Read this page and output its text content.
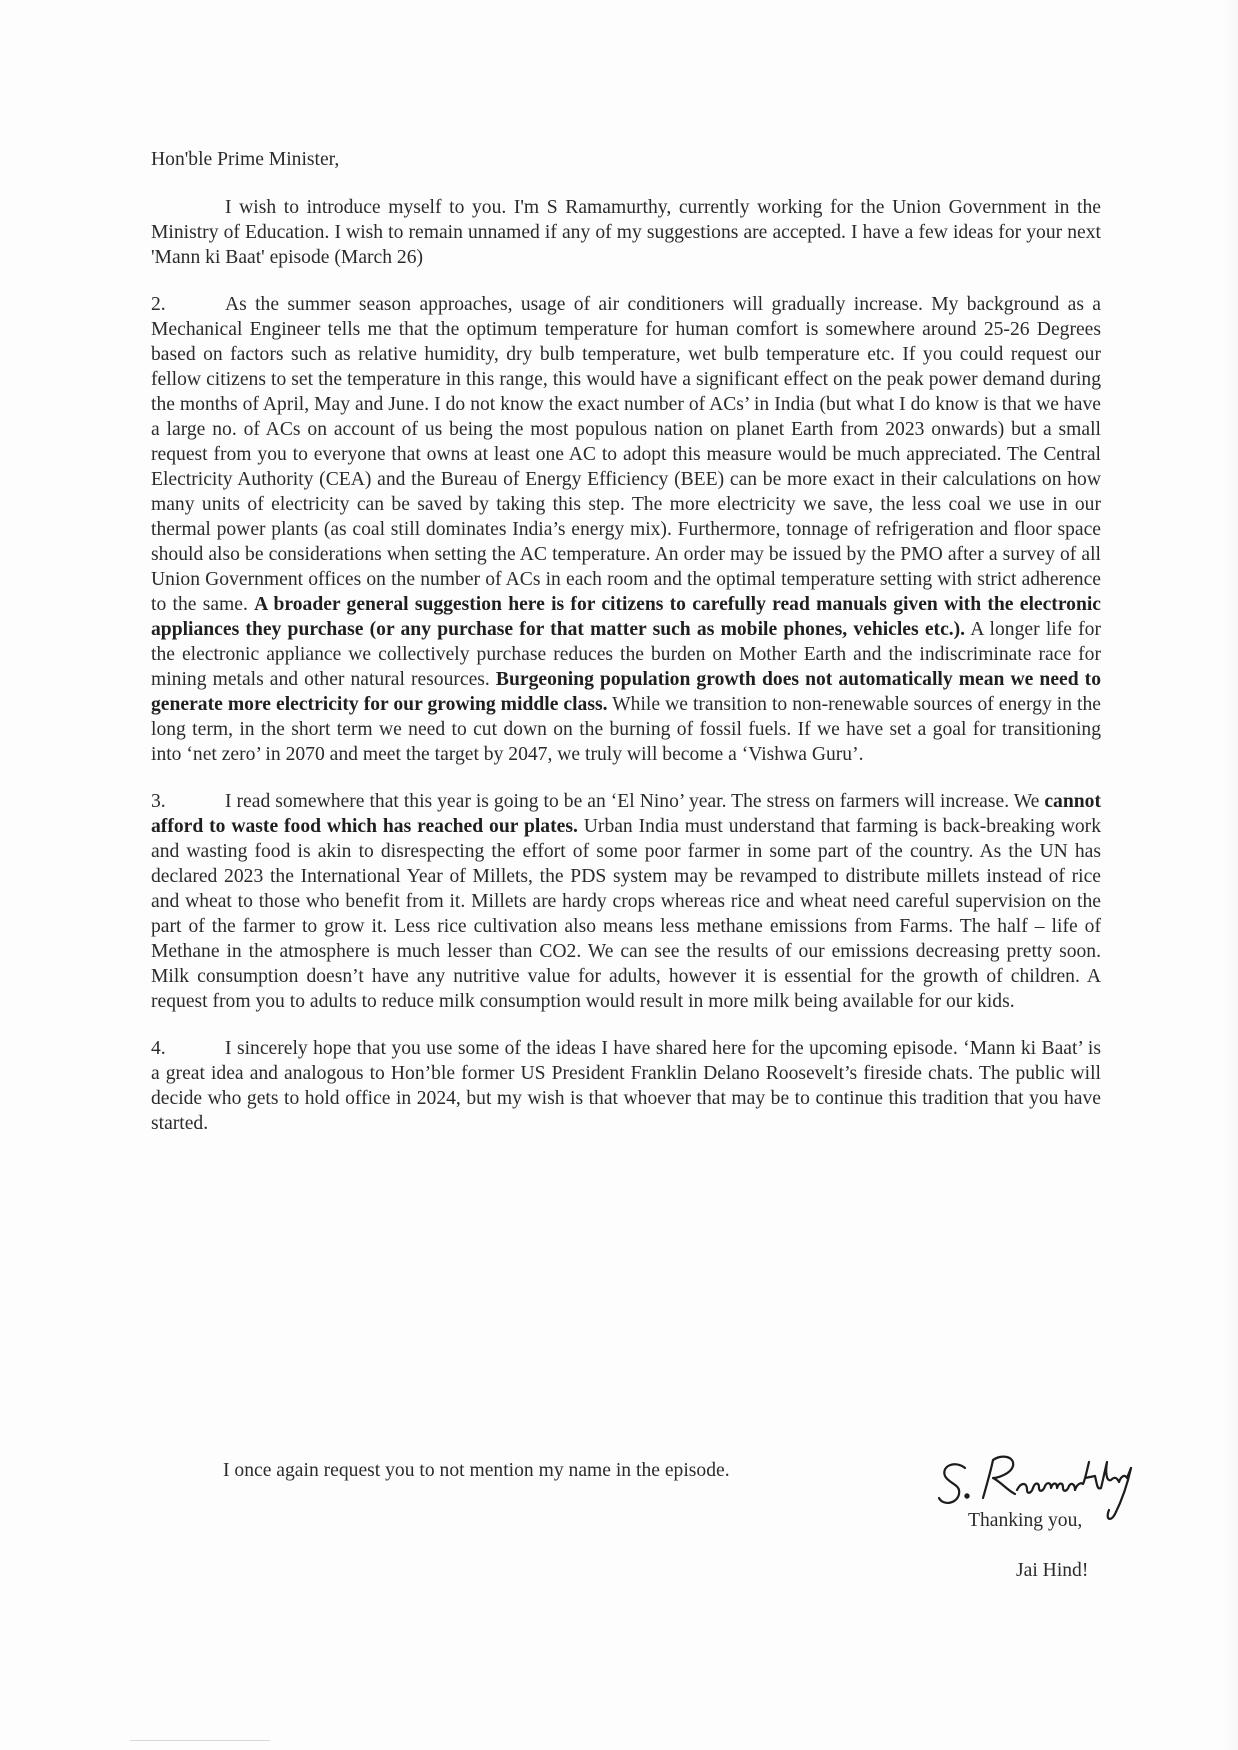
Hon'ble Prime Minister,

I wish to introduce myself to you. I'm S Ramamurthy, currently working for the Union Government in the Ministry of Education. I wish to remain unnamed if any of my suggestions are accepted. I have a few ideas for your next 'Mann ki Baat' episode (March 26)

2.	As the summer season approaches, usage of air conditioners will gradually increase. My background as a Mechanical Engineer tells me that the optimum temperature for human comfort is somewhere around 25-26 Degrees based on factors such as relative humidity, dry bulb temperature, wet bulb temperature etc. If you could request our fellow citizens to set the temperature in this range, this would have a significant effect on the peak power demand during the months of April, May and June. I do not know the exact number of ACs’ in India (but what I do know is that we have a large no. of ACs on account of us being the most populous nation on planet Earth from 2023 onwards) but a small request from you to everyone that owns at least one AC to adopt this measure would be much appreciated. The Central Electricity Authority (CEA) and the Bureau of Energy Efficiency (BEE) can be more exact in their calculations on how many units of electricity can be saved by taking this step. The more electricity we save, the less coal we use in our thermal power plants (as coal still dominates India’s energy mix). Furthermore, tonnage of refrigeration and floor space should also be considerations when setting the AC temperature. An order may be issued by the PMO after a survey of all Union Government offices on the number of ACs in each room and the optimal temperature setting with strict adherence to the same. A broader general suggestion here is for citizens to carefully read manuals given with the electronic appliances they purchase (or any purchase for that matter such as mobile phones, vehicles etc.). A longer life for the electronic appliance we collectively purchase reduces the burden on Mother Earth and the indiscriminate race for mining metals and other natural resources. Burgeoning population growth does not automatically mean we need to generate more electricity for our growing middle class. While we transition to non-renewable sources of energy in the long term, in the short term we need to cut down on the burning of fossil fuels. If we have set a goal for transitioning into ‘net zero’ in 2070 and meet the target by 2047, we truly will become a ‘Vishwa Guru’.

3.	I read somewhere that this year is going to be an ‘El Nino’ year. The stress on farmers will increase. We cannot afford to waste food which has reached our plates. Urban India must understand that farming is back-breaking work and wasting food is akin to disrespecting the effort of some poor farmer in some part of the country. As the UN has declared 2023 the International Year of Millets, the PDS system may be revamped to distribute millets instead of rice and wheat to those who benefit from it. Millets are hardy crops whereas rice and wheat need careful supervision on the part of the farmer to grow it. Less rice cultivation also means less methane emissions from Farms. The half – life of Methane in the atmosphere is much lesser than CO2. We can see the results of our emissions decreasing pretty soon. Milk consumption doesn’t have any nutritive value for adults, however it is essential for the growth of children. A request from you to adults to reduce milk consumption would result in more milk being available for our kids.

4.	I sincerely hope that you use some of the ideas I have shared here for the upcoming episode. ‘Mann ki Baat’ is a great idea and analogous to Hon’ble former US President Franklin Delano Roosevelt’s fireside chats. The public will decide who gets to hold office in 2024, but my wish is that whoever that may be to continue this tradition that you have started.

I once again request you to not mention my name in the episode.
Thanking you,
Jai Hind!
